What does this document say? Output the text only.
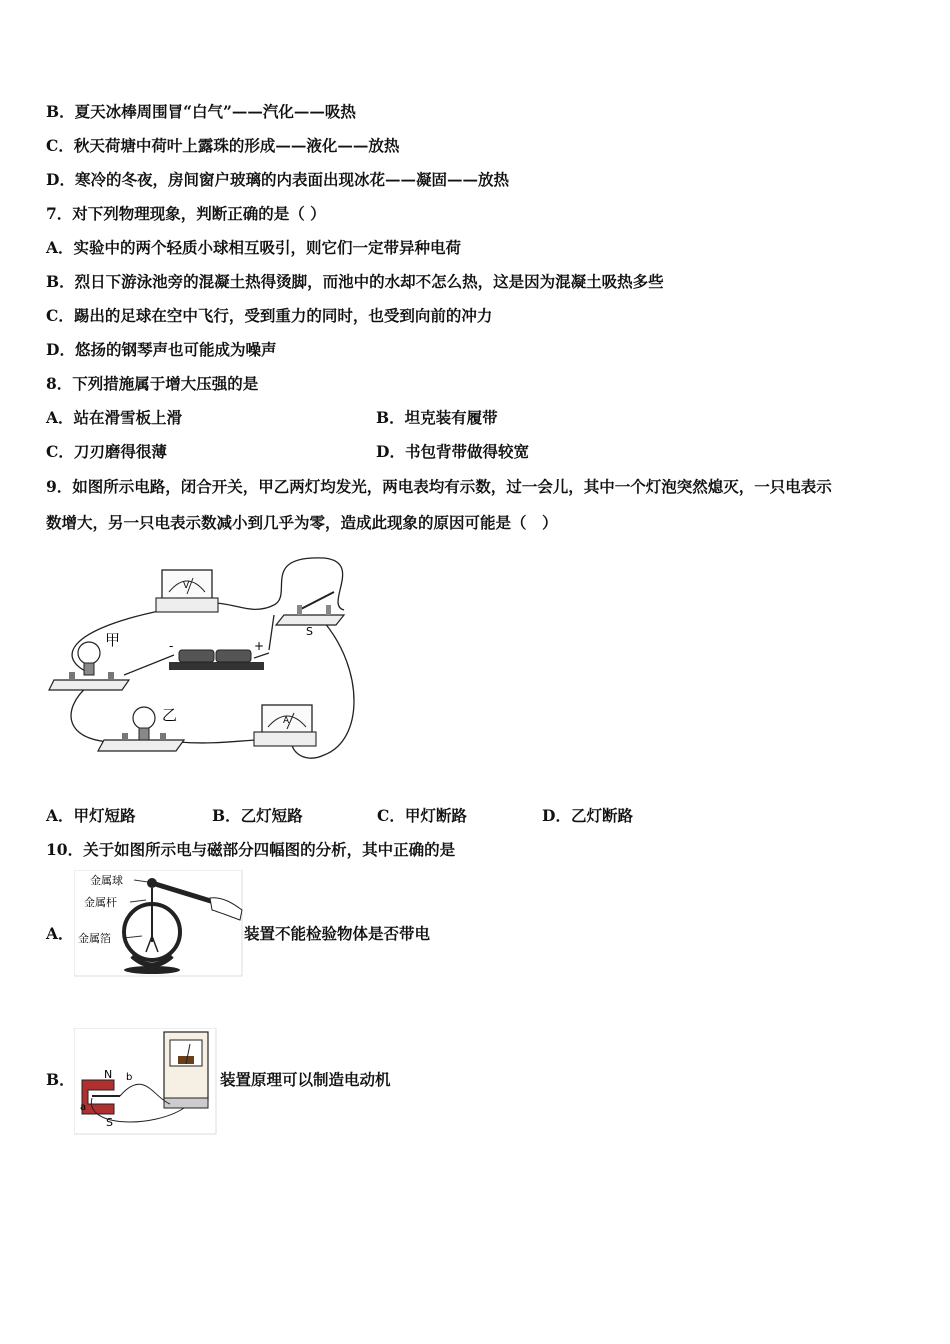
B．夏天冰棒周围冒“白气”——汽化——吸热
C．秋天荷塘中荷叶上露珠的形成——液化——放热
D．寒冷的冬夜，房间窗户玻璃的内表面出现冰花——凝固——放热
7．对下列物理现象，判断正确的是（ ）
A．实验中的两个轻质小球相互吸引，则它们一定带异种电荷
B．烈日下游泳池旁的混凝土热得烫脚，而池中的水却不怎么热，这是因为混凝土吸热多些
C．踢出的足球在空中飞行，受到重力的同时，也受到向前的冲力
D．悠扬的钢琴声也可能成为噪声
8．下列措施属于增大压强的是
A．站在滑雪板上滑	B．坦克装有履带
C．刀刃磨得很薄	D．书包背带做得较宽
9．如图所示电路，闭合开关，甲乙两灯均发光，两电表均有示数，过一会儿，其中一个灯泡突然熄灭，一只电表示
数增大，另一只电表示数减小到几乎为零，造成此现象的原因可能是（　）
V
S
-	+
甲
乙	A
A．甲灯短路	B．乙灯短路	C．甲灯断路	D．乙灯断路
10．关于如图所示电与磁部分四幅图的分析，其中正确的是
A．
金属球
金属杆
金属箔	装置不能检验物体是否带电
B．	N
S
a
b	装置原理可以制造电动机
